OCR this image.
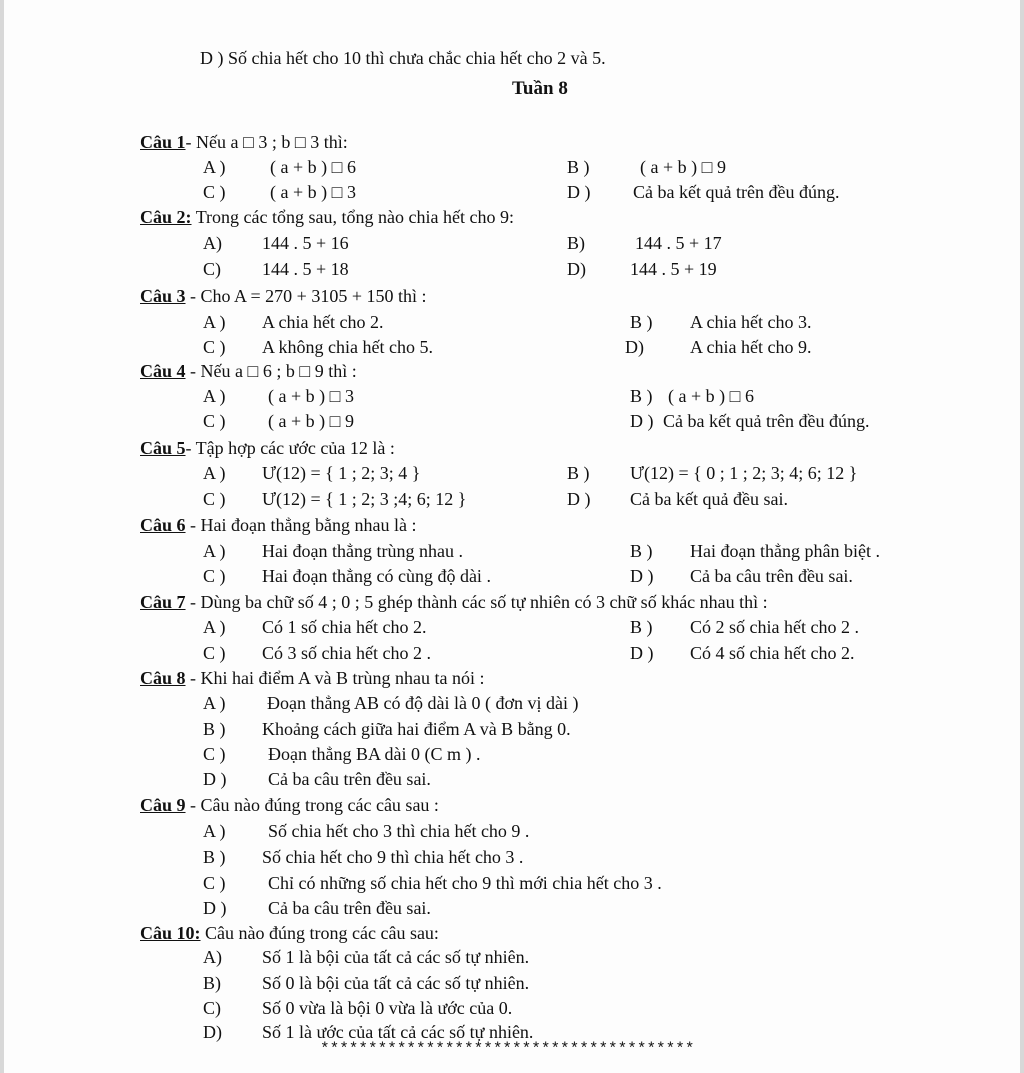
D ) Số chia hết cho 10 thì chưa chắc chia hết cho 2 và 5.
Tuần 8
Câu 1- Nếu a □ 3 ; b □ 3 thì:
A ) ( a + b ) □ 6	B )	( a + b ) □ 9
C ) ( a + b ) □ 3	D ) Cả ba kết quả trên đều đúng.
Câu 2: Trong các tổng sau, tổng nào chia hết cho 9:
A) 144 . 5 + 16	B)	144 . 5 + 17
C) 144 . 5 + 18	D) 144 . 5 + 19
Câu 3 - Cho A = 270 + 3105 + 150 thì :
A ) A chia hết cho 2.	B ) A chia hết cho 3.
C ) A không chia hết cho 5.	D)	A chia hết cho 9.
Câu 4 - Nếu a □ 6 ; b □ 9 thì :
A ) ( a + b ) □ 3	B ) ( a + b ) □ 6
C ) ( a + b ) □ 9	D ) Cả ba kết quả trên đều đúng.
Câu 5- Tập hợp các ước của 12 là :
A ) Ư(12) = { 1 ; 2; 3; 4 }	B ) Ư(12) = { 0 ; 1 ; 2; 3; 4; 6; 12 }
C ) Ư(12) = { 1 ; 2; 3 ;4; 6; 12 }	D ) Cả ba kết quả đều sai.
Câu 6 - Hai đoạn thẳng bằng nhau là :
A ) Hai đoạn thẳng trùng nhau .	B ) Hai đoạn thẳng phân biệt .
C ) Hai đoạn thẳng có cùng độ dài .	D ) Cả ba câu trên đều sai.
Câu 7 - Dùng ba chữ số 4 ; 0 ; 5 ghép thành các số tự nhiên có 3 chữ số khác nhau thì :
A ) Có 1 số chia hết cho 2.	B ) Có 2 số chia hết cho 2 .
C ) Có 3 số chia hết cho 2 .	D ) Có 4 số chia hết cho 2.
Câu 8 - Khi hai điểm A và B trùng nhau ta nói :
A ) Đoạn thẳng AB có độ dài là 0 ( đơn vị dài )
B ) Khoảng cách giữa hai điểm A và B bằng 0.
C ) Đoạn thẳng BA dài 0 (C m ) .
D ) Cả ba câu trên đều sai.
Câu 9 - Câu nào đúng trong các câu sau :
A ) Số chia hết cho 3 thì chia hết cho 9 .
B ) Số chia hết cho 9 thì chia hết cho 3 .
C ) Chỉ có những số chia hết cho 9 thì mới chia hết cho 3 .
D ) Cả ba câu trên đều sai.
Câu 10: Câu nào đúng trong các câu sau:
A) Số 1 là bội của tất cả các số tự nhiên.
B) Số 0 là bội của tất cả các số tự nhiên.
C) Số 0 vừa là bội 0 vừa là ước của 0.
D) Số 1 là ước của tất cả các số tự nhiên.
***************************************
